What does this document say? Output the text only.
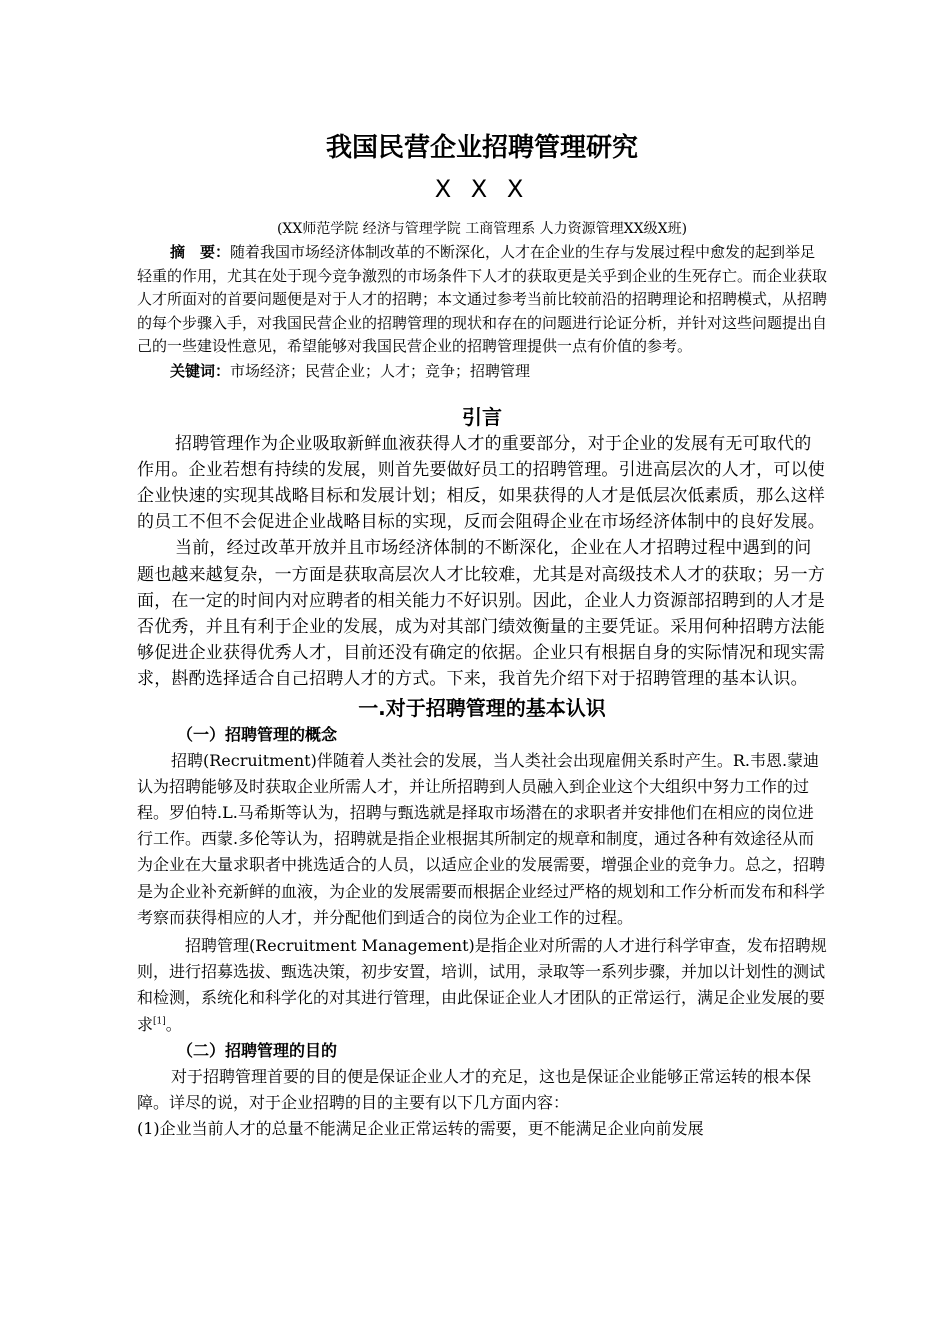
我国民营企业招聘管理研究
X X X
(XX师范学院 经济与管理学院 工商管理系 人力资源管理XX级X班)

摘　要：随着我国市场经济体制改革的不断深化，人才在企业的生存与发展过程中愈发的起到举足轻重的作用，尤其在处于现今竞争激烈的市场条件下人才的获取更是关乎到企业的生死存亡。而企业获取人才所面对的首要问题便是对于人才的招聘；本文通过参考当前比较前沿的招聘理论和招聘模式，从招聘的每个步骤入手，对我国民营企业的招聘管理的现状和存在的问题进行论证分析，并针对这些问题提出自己的一些建设性意见，希望能够对我国民营企业的招聘管理提供一点有价值的参考。

关键词：市场经济；民营企业；人才；竞争；招聘管理

引言

招聘管理作为企业吸取新鲜血液获得人才的重要部分，对于企业的发展有无可取代的作用。企业若想有持续的发展，则首先要做好员工的招聘管理。引进高层次的人才，可以使企业快速的实现其战略目标和发展计划；相反，如果获得的人才是低层次低素质，那么这样的员工不但不会促进企业战略目标的实现，反而会阻碍企业在市场经济体制中的良好发展。

当前，经过改革开放并且市场经济体制的不断深化，企业在人才招聘过程中遇到的问题也越来越复杂，一方面是获取高层次人才比较难，尤其是对高级技术人才的获取；另一方面，在一定的时间内对应聘者的相关能力不好识别。因此，企业人力资源部招聘到的人才是否优秀，并且有利于企业的发展，成为对其部门绩效衡量的主要凭证。采用何种招聘方法能够促进企业获得优秀人才，目前还没有确定的依据。企业只有根据自身的实际情况和现实需求，斟酌选择适合自己招聘人才的方式。下来，我首先介绍下对于招聘管理的基本认识。

一.对于招聘管理的基本认识
（一）招聘管理的概念

招聘(Recruitment)伴随着人类社会的发展，当人类社会出现雇佣关系时产生。R.韦恩.蒙迪认为招聘能够及时获取企业所需人才，并让所招聘到人员融入到企业这个大组织中努力工作的过程。罗伯特.L.马希斯等认为，招聘与甄选就是择取市场潜在的求职者并安排他们在相应的岗位进行工作。西蒙.多伦等认为，招聘就是指企业根据其所制定的规章和制度，通过各种有效途径从而为企业在大量求职者中挑选适合的人员，以适应企业的发展需要，增强企业的竞争力。总之，招聘是为企业补充新鲜的血液，为企业的发展需要而根据企业经过严格的规划和工作分析而发布和科学考察而获得相应的人才，并分配他们到适合的岗位为企业工作的过程。

招聘管理(Recruitment Management)是指企业对所需的人才进行科学审查，发布招聘规则，进行招募选拔、甄选决策，初步安置，培训，试用，录取等一系列步骤，并加以计划性的测试和检测，系统化和科学化的对其进行管理，由此保证企业人才团队的正常运行，满足企业发展的要求[1]。

（二）招聘管理的目的

对于招聘管理首要的目的便是保证企业人才的充足，这也是保证企业能够正常运转的根本保障。详尽的说，对于企业招聘的目的主要有以下几方面内容：

(1)企业当前人才的总量不能满足企业正常运转的需要，更不能满足企业向前发展
